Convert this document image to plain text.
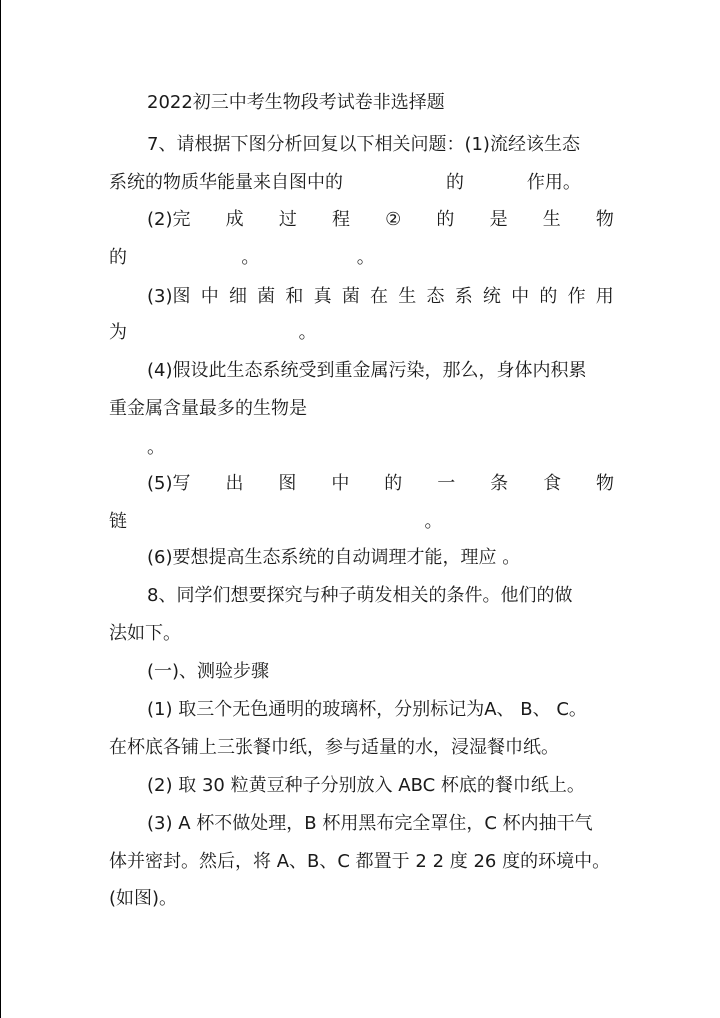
2022初三中考生物段考试卷非选择题
7、请根据下图分析回复以下相关问题：(1)流经该生态
系统的物质华能量来自图中的                  的           作用。
(2)完 成 过 程 ② 的 是 生 物
的                    。                 。
(3)图 中 细 菌 和 真 菌 在 生 态 系 统 中 的 作 用
为                              。
(4)假设此生态系统受到重金属污染，那么，身体内积累
重金属含量最多的生物是
。
(5)写 出 图 中 的 一 条 食 物
链                                                    。
(6)要想提高生态系统的自动调理才能，理应 。
8、同学们想要探究与种子萌发相关的条件。他们的做
法如下。
(一)、测验步骤
(1) 取三个无色通明的玻璃杯，分别标记为A、 B、 C。
在杯底各铺上三张餐巾纸，参与适量的水，浸湿餐巾纸。
(2) 取 30 粒黄豆种子分别放入 ABC 杯底的餐巾纸上。
(3) A 杯不做处理，B 杯用黑布完全罩住，C 杯内抽干气
体并密封。然后，将 A、B、C 都置于 2 2 度 26 度的环境中。
(如图)。
